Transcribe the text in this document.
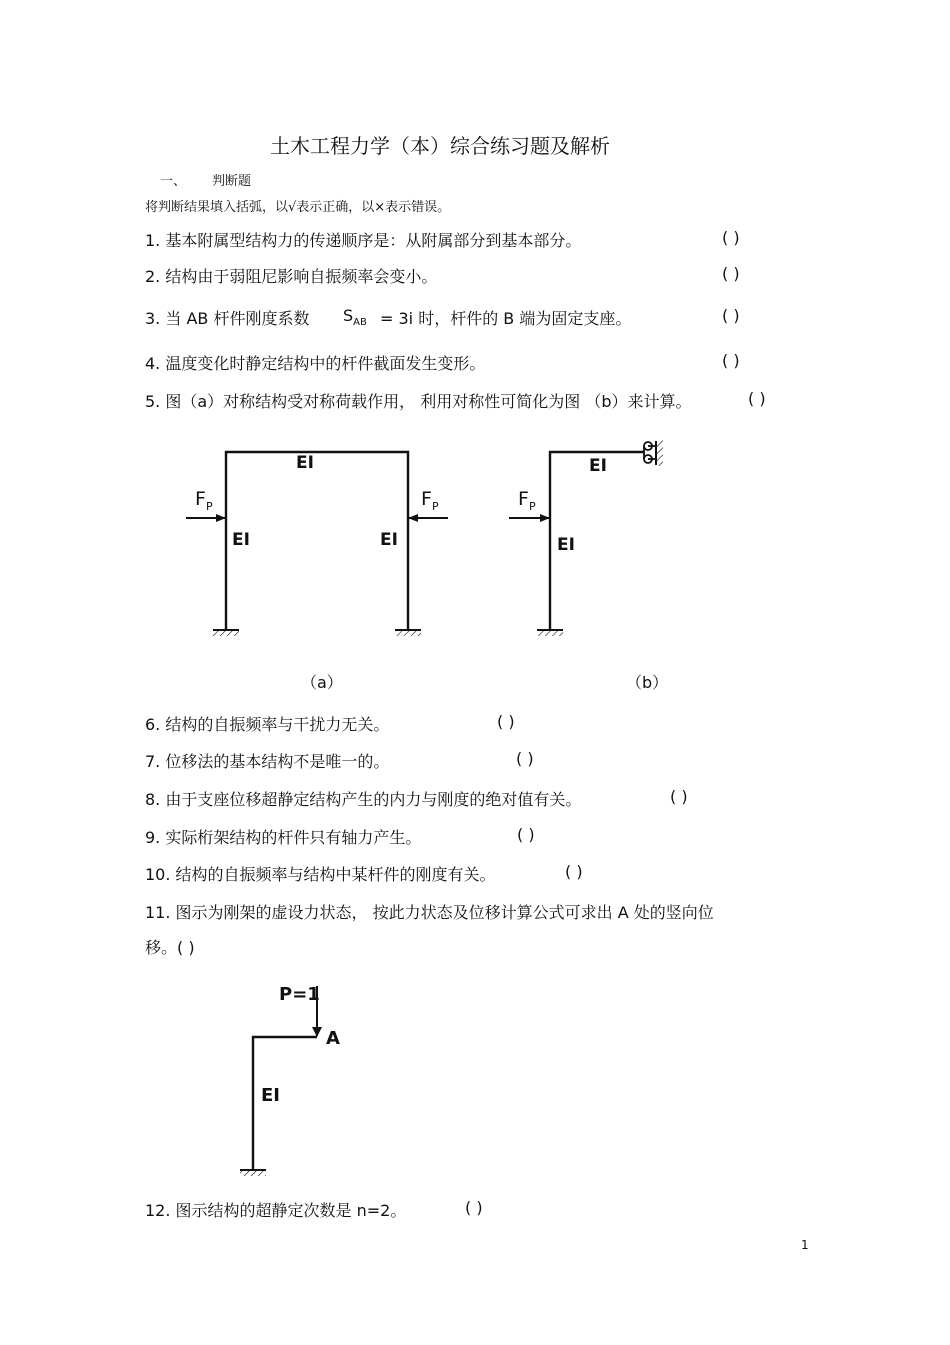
土木工程力学（本）综合练习题及解析
一、 判断题
将判断结果填入括弧，以√表示正确，以×表示错误。
1. 基本附属型结构力的传递顺序是：从附属部分到基本部分。	( )
2. 结构由于弱阻尼影响自振频率会变小。	( )
3. 当 AB 杆件刚度系数 $S_{AB} = 3i$ 时，杆件的 B 端为固定支座。	( )
4. 温度变化时静定结构中的杆件截面发生变形。	( )
5. 图（a）对称结构受对称荷载作用， 利用对称性可简化为图 （b）来计算。	( )
EI
EI	EI
EI
EI
$F_P$	$F_P$	$F_P$
（a）	（b）
6. 结构的自振频率与干扰力无关。	( )
7. 位移法的基本结构不是唯一的。	( )
8. 由于支座位移超静定结构产生的内力与刚度的绝对值有关。	( )
9. 实际桁架结构的杆件只有轴力产生。	( )
10. 结构的自振频率与结构中某杆件的刚度有关。	( )
11. 图示为刚架的虚设力状态， 按此力状态及位移计算公式可求出 A 处的竖向位
移。( )
P=1
A
EI
12. 图示结构的超静定次数是 n=2。	( )
1
